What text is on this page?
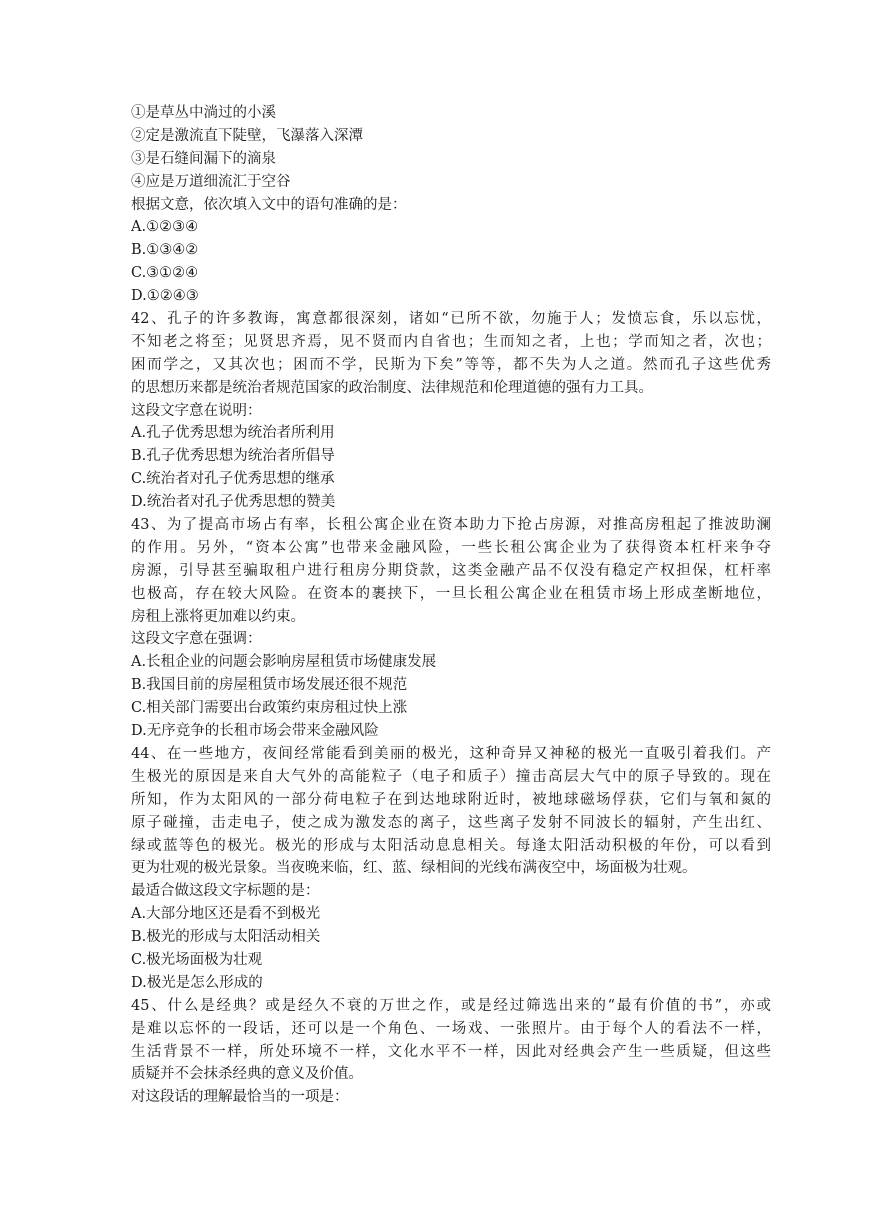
①是草丛中淌过的小溪
②定是激流直下陡壁，飞瀑落入深潭
③是石缝间漏下的滴泉
④应是万道细流汇于空谷
根据文意，依次填入文中的语句准确的是：
A.①②③④
B.①③④②
C.③①②④
D.①②④③
42、孔子的许多教诲，寓意都很深刻，诸如“已所不欲，勿施于人；发愤忘食，乐以忘忧，
不知老之将至；见贤思齐焉，见不贤而内自省也；生而知之者，上也；学而知之者，次也；
困而学之，又其次也；困而不学，民斯为下矣”等等，都不失为人之道。然而孔子这些优秀
的思想历来都是统治者规范国家的政治制度、法律规范和伦理道德的强有力工具。
这段文字意在说明：
A.孔子优秀思想为统治者所利用
B.孔子优秀思想为统治者所倡导
C.统治者对孔子优秀思想的继承
D.统治者对孔子优秀思想的赞美
43、为了提高市场占有率，长租公寓企业在资本助力下抢占房源，对推高房租起了推波助澜
的作用。另外，“资本公寓”也带来金融风险，一些长租公寓企业为了获得资本杠杆来争夺
房源，引导甚至骗取租户进行租房分期贷款，这类金融产品不仅没有稳定产权担保，杠杆率
也极高，存在较大风险。在资本的裹挟下，一旦长租公寓企业在租赁市场上形成垄断地位，
房租上涨将更加难以约束。
这段文字意在强调：
A.长租企业的问题会影响房屋租赁市场健康发展
B.我国目前的房屋租赁市场发展还很不规范
C.相关部门需要出台政策约束房租过快上涨
D.无序竞争的长租市场会带来金融风险
44、在一些地方，夜间经常能看到美丽的极光，这种奇异又神秘的极光一直吸引着我们。产
生极光的原因是来自大气外的高能粒子（电子和质子）撞击高层大气中的原子导致的。现在
所知，作为太阳风的一部分荷电粒子在到达地球附近时，被地球磁场俘获，它们与氧和氮的
原子碰撞，击走电子，使之成为激发态的离子，这些离子发射不同波长的辐射，产生出红、
绿或蓝等色的极光。极光的形成与太阳活动息息相关。每逢太阳活动积极的年份，可以看到
更为壮观的极光景象。当夜晚来临，红、蓝、绿相间的光线布满夜空中，场面极为壮观。
最适合做这段文字标题的是：
A.大部分地区还是看不到极光
B.极光的形成与太阳活动相关
C.极光场面极为壮观
D.极光是怎么形成的
45、什么是经典？或是经久不衰的万世之作，或是经过筛选出来的“最有价值的书”，亦或
是难以忘怀的一段话，还可以是一个角色、一场戏、一张照片。由于每个人的看法不一样，
生活背景不一样，所处环境不一样，文化水平不一样，因此对经典会产生一些质疑，但这些
质疑并不会抹杀经典的意义及价值。
对这段话的理解最恰当的一项是：
